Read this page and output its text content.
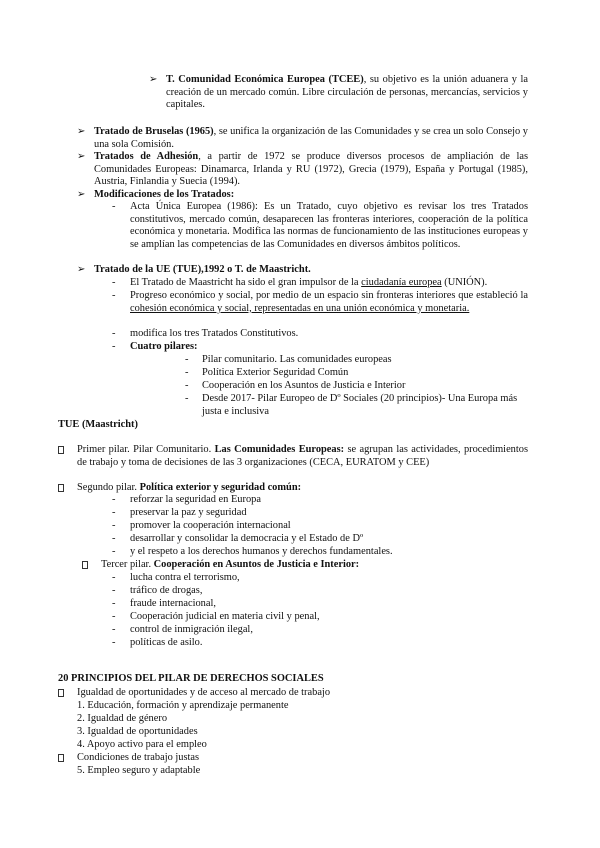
➢ T. Comunidad Económica Europea (TCEE), su objetivo es la unión aduanera y la creación de un mercado común. Libre circulación de personas, mercancías, servicios y capitales.

➢ Tratado de Bruselas (1965), se unifica la organización de las Comunidades y se crea un solo Consejo y una sola Comisión.

➢ Tratados de Adhesión, a partir de 1972 se produce diversos procesos de ampliación de las Comunidades Europeas: Dinamarca, Irlanda y RU (1972), Grecia (1979), España y Portugal (1985), Austria, Finlandia y Suecia (1994).

➢ Modificaciones de los Tratados:

- Acta Única Europea (1986): Es un Tratado, cuyo objetivo es revisar los tres Tratados constitutivos, mercado común, desaparecen las fronteras interiores, cooperación de la política económica y monetaria. Modifica las normas de funcionamiento de las instituciones europeas y se amplían las competencias de las Comunidades en diversos ámbitos políticos.

➢ Tratado de la UE (TUE),1992 o T. de Maastricht.

- El Tratado de Maastricht ha sido el gran impulsor de la ciudadanía europea (UNIÓN).

- Progreso económico y social, por medio de un espacio sin fronteras interiores que estableció la cohesión económica y social, representadas en una unión económica y monetaria.

- modifica los tres Tratados Constitutivos.

- Cuatro pilares:

- Pilar comunitario. Las comunidades europeas

- Política Exterior Seguridad Común

- Cooperación en los Asuntos de Justicia e Interior

- Desde 2017- Pilar Europeo de Dº Sociales (20 principios)- Una Europa más justa e inclusiva

TUE (Maastricht)

Primer pilar. Pilar Comunitario. Las Comunidades Europeas: se agrupan las actividades, procedimientos de trabajo y toma de decisiones de las 3 organizaciones (CECA, EURATOM y CEE)

Segundo pilar. Política exterior y seguridad común:

- reforzar la seguridad en Europa

- preservar la paz y seguridad

- promover la cooperación internacional

- desarrollar y consolidar la democracia y el Estado de Dº

- y el respeto a los derechos humanos y derechos fundamentales.

Tercer pilar. Cooperación en Asuntos de Justicia e Interior:

- lucha contra el terrorismo,

- tráfico de drogas,

- fraude internacional,

- Cooperación judicial en materia civil y penal,

- control de inmigración ilegal,

- políticas de asilo.

20 PRINCIPIOS DEL PILAR DE DERECHOS SOCIALES

Igualdad de oportunidades y de acceso al mercado de trabajo

1. Educación, formación y aprendizaje permanente

2. Igualdad de género

3. Igualdad de oportunidades

4. Apoyo activo para el empleo

Condiciones de trabajo justas

5. Empleo seguro y adaptable
